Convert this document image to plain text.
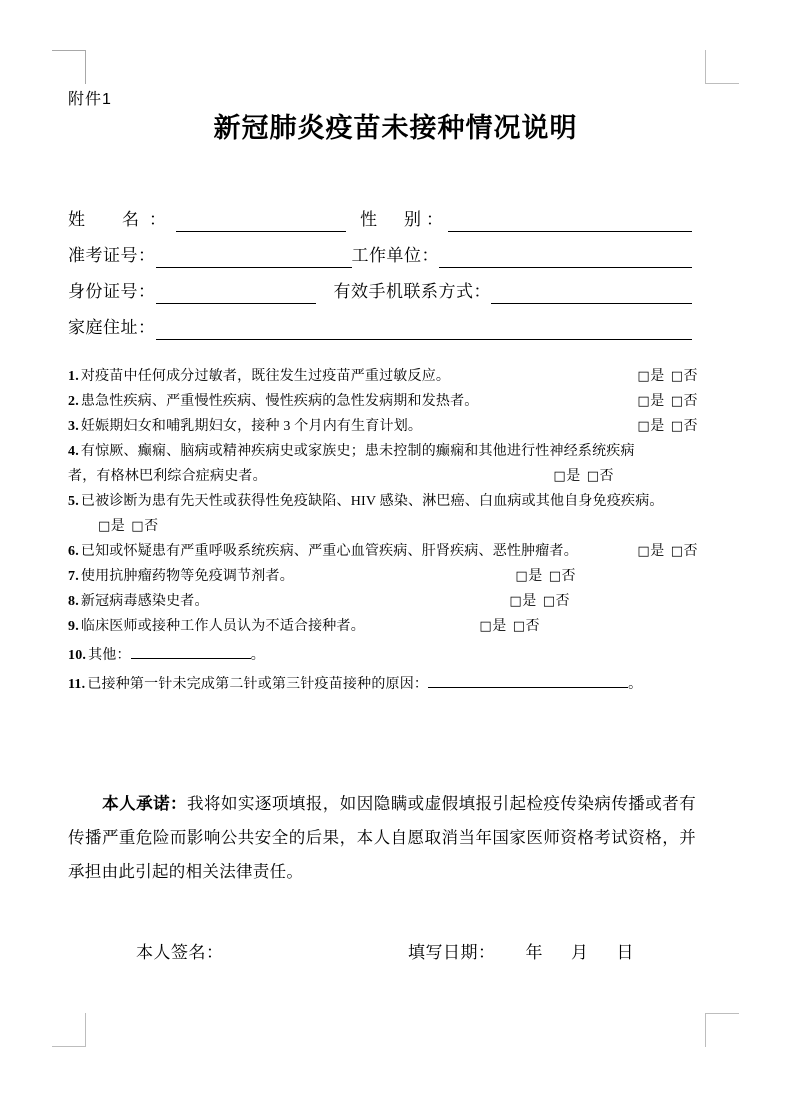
附件1
新冠肺炎疫苗未接种情况说明
姓　名：	性　别：
准考证号：	工作单位：
身份证号：	有效手机联系方式：
家庭住址：
1. 对疫苗中任何成分过敏者，既往发生过疫苗严重过敏反应。	□是 □否
2. 患急性疾病、严重慢性疾病、慢性疾病的急性发病期和发热者。	□是 □否
3. 妊娠期妇女和哺乳期妇女，接种 3 个月内有生育计划。	□是 □否
4. 有惊厥、癫痫、脑病或精神疾病史或家族史；患未控制的癫痫和其他进行性神经系统疾病
者，有格林巴利综合症病史者。	□是 □否
5. 已被诊断为患有先天性或获得性免疫缺陷、HIV 感染、淋巴癌、白血病或其他自身免疫疾病。
□是 □否
6. 已知或怀疑患有严重呼吸系统疾病、严重心血管疾病、肝肾疾病、恶性肿瘤者。	□是 □否
7. 使用抗肿瘤药物等免疫调节剂者。	□是 □否
8. 新冠病毒感染史者。	□是 □否
9. 临床医师或接种工作人员认为不适合接种者。	□是 □否
10. 其他：	。
11. 已接种第一针未完成第二针或第三针疫苗接种的原因：	。
本人承诺：我将如实逐项填报，如因隐瞒或虚假填报引起检疫传染病传播或者有传播严重危险而影响公共安全的后果，本人自愿取消当年国家医师资格考试资格，并承担由此引起的相关法律责任。
本人签名：	填写日期： 年 月 日
